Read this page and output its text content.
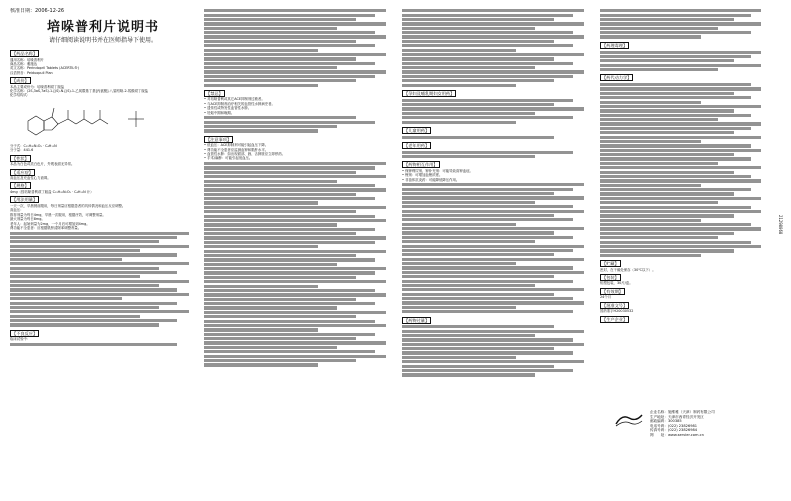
核准日期：2006-12-26
培哚普利片说明书
请仔细阅读说明书并在医师指导下使用。
【药品名称】
通用名称：培哚普利片
商品名称：雅施达
英文名称：Perindopril Tablets (ACERTIL®)
汉语拼音：Peiduopuli Pian
【成份】
本品主要成份为：培哚普利叔丁胺盐
化学名称：(2S,3aS,7aS)-1-[(S)-N-[(S)-1-乙氧羰基丁基]丙氨酰]-八氢吲哚-2-羧酸叔丁胺盐
化学结构式：
分子式：C₁₉H₃₂N₂O₅ · C₄H₁₁N
分子量：441.6
【性状】
本品为白色或类白色片，外观表面无异常。
【适应症】
高血压及充血性心力衰竭。
【规格】
4mg（按培哚普利叔丁胺盐 C₁₉H₃₂N₂O₅ · C₄H₁₁N 计）
【用法用量】
一天一次，早晨餐前服用，每日剂量应根据患者的具体情况和血压反应调整。
高血压：
推荐剂量为每日4mg，早晨一次服用，根据疗效，可调整剂量。
最大剂量为每日8mg。
老年人：起始剂量为2mg，一个月后可增加到4mg。
肾功能不全患者：应根据肌酐清除率调整剂量。
【不良反应】
临床试验中：
【禁忌】
• 对培哚普利或其它ACE抑制剂过敏者。
• 与ACE抑制剂治疗相关的血管性水肿病史者。
• 遗传性或特发性血管性水肿。
• 妊娠中期和晚期。
【注意事项】
• 低血压：ACE抑制剂可能引起血压下降。
• 肾功能不全患者应监测血钾和肌酐水平。
• 血管性水肿：如出现面部、唇、舌肿胀应立即停药。
• 手术/麻醉：可能引起低血压。
【孕妇及哺乳期妇女用药】
【儿童用药】
【老年用药】
【药物相互作用】
• 保钾利尿剂、钾补充剂：可能导致高钾血症。
• 锂剂：可增加血锂浓度。
• 非甾体抗炎药：可能降低降压作用。
【药物过量】
【药理毒理】
【药代动力学】
【贮藏】
密封，在干燥处保存（30℃以下）。
【包装】
铝塑包装，30片/盒。
【有效期】
24个月
【批准文号】
国药准字H20030532
【生产企业】
企业名称：施维雅（天津）制药有限公司
生产地址：天津市西青经济开发区
邮政编码：300385
电话号码：(022) 23826981
传真号码：(022) 23826984
网　　址：www.servier.com.cn
21298068
